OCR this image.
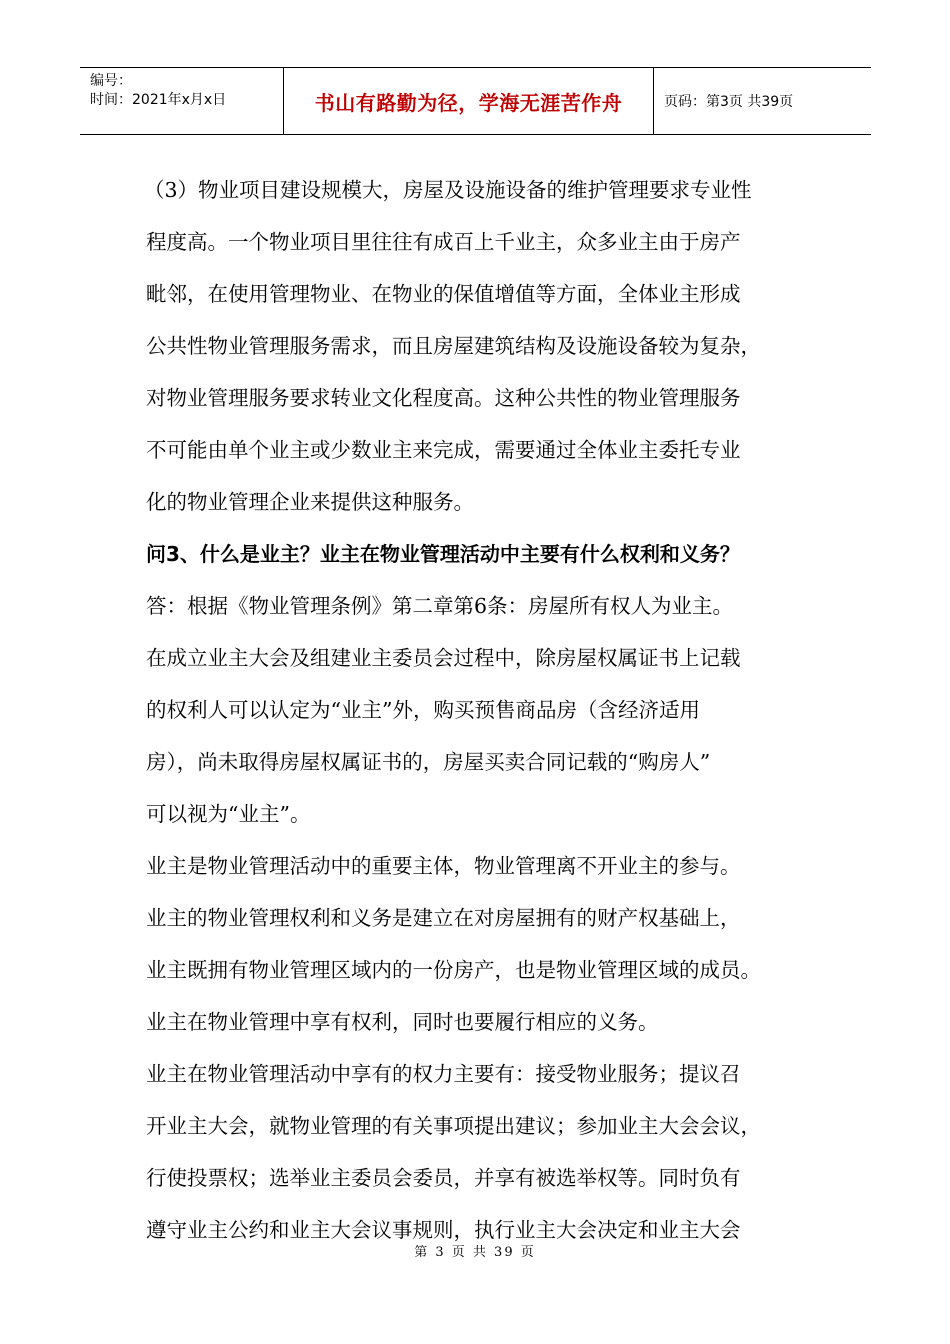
编号：
时间：2021年x月x日	书山有路勤为径，学海无涯苦作舟	页码：第3页 共39页
（3）物业项目建设规模大，房屋及设施设备的维护管理要求专业性
程度高。一个物业项目里往往有成百上千业主，众多业主由于房产
毗邻，在使用管理物业、在物业的保值增值等方面，全体业主形成
公共性物业管理服务需求，而且房屋建筑结构及设施设备较为复杂，
对物业管理服务要求转业文化程度高。这种公共性的物业管理服务
不可能由单个业主或少数业主来完成，需要通过全体业主委托专业
化的物业管理企业来提供这种服务。
问3、什么是业主？业主在物业管理活动中主要有什么权利和义务？
答：根据《物业管理条例》第二章第6条：房屋所有权人为业主。
在成立业主大会及组建业主委员会过程中，除房屋权属证书上记载
的权利人可以认定为“业主”外，购买预售商品房（含经济适用
房），尚未取得房屋权属证书的，房屋买卖合同记载的“购房人”
可以视为“业主”。
业主是物业管理活动中的重要主体，物业管理离不开业主的参与。
业主的物业管理权利和义务是建立在对房屋拥有的财产权基础上，
业主既拥有物业管理区域内的一份房产，也是物业管理区域的成员。
业主在物业管理中享有权利，同时也要履行相应的义务。
业主在物业管理活动中享有的权力主要有：接受物业服务；提议召
开业主大会，就物业管理的有关事项提出建议；参加业主大会会议，
行使投票权；选举业主委员会委员，并享有被选举权等。同时负有
遵守业主公约和业主大会议事规则，执行业主大会决定和业主大会
第 3 页 共 39 页
